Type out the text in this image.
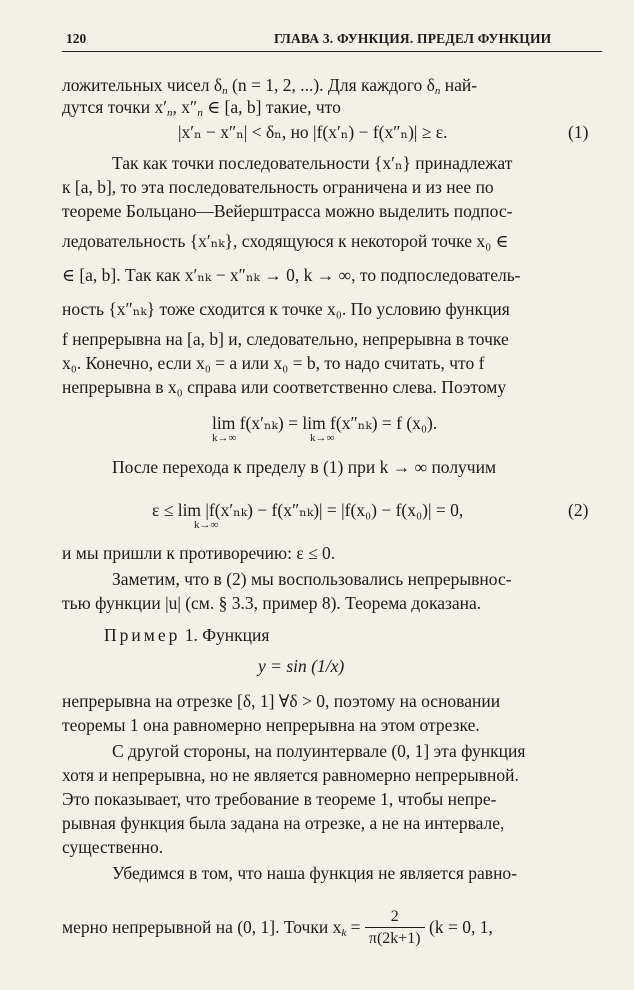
120	ГЛАВА 3. ФУНКЦИЯ. ПРЕДЕЛ ФУНКЦИИ
ложительных чисел $\delta_n$ (n = 1, 2, ...). Для каждого $\delta_n$ най-
дутся точки $x'_n$, $x''_n$ ∈ [a, b] такие, что
|x′ₙ − x″ₙ| < δₙ, но |f(x′ₙ) − f(x″ₙ)| ≥ ε.	(1)
Так как точки последовательности {x′ₙ} принадлежат
к [a, b], то эта последовательность ограничена и из нее по
теореме Больцано—Вейерштрасса можно выделить подпос-
ледовательность {x′ₙₖ}, сходящуюся к некоторой точке x₀ ∈
∈ [a, b]. Так как x′ₙₖ − x″ₙₖ → 0, k → ∞, то подпоследователь-
ность {x″ₙₖ} тоже сходится к точке x₀. По условию функция
f непрерывна на [a, b] и, следовательно, непрерывна в точке
x₀. Конечно, если x₀ = a или x₀ = b, то надо считать, что f
непрерывна в x₀ справа или соответственно слева. Поэтому
lim f(x′ₙₖ) = lim f(x″ₙₖ) = f (x₀).
k→∞	k→∞
После перехода к пределу в (1) при k → ∞ получим
ε ≤ lim |f(x′ₙₖ) − f(x″ₙₖ)| = |f(x₀) − f(x₀)| = 0,
k→∞
(2)
и мы пришли к противоречию: ε ≤ 0.
Заметим, что в (2) мы воспользовались непрерывнос-
тью функции |u| (см. § 3.3, пример 8). Теорема доказана.
Пример 1. Функция
y = sin (1/x)
непрерывна на отрезке [δ, 1] ∀δ > 0, поэтому на основании
теоремы 1 она равномерно непрерывна на этом отрезке.
С другой стороны, на полуинтервале (0, 1] эта функция
хотя и непрерывна, но не является равномерно непрерывной.
Это показывает, что требование в теореме 1, чтобы непре-
рывная функция была задана на отрезке, а не на интервале,
существенно.
Убедимся в том, что наша функция не является равно-
мерно непрерывной на (0, 1]. Точки $x_k = \frac{2}{\pi(2k+1)} (k = 0$, 1,
